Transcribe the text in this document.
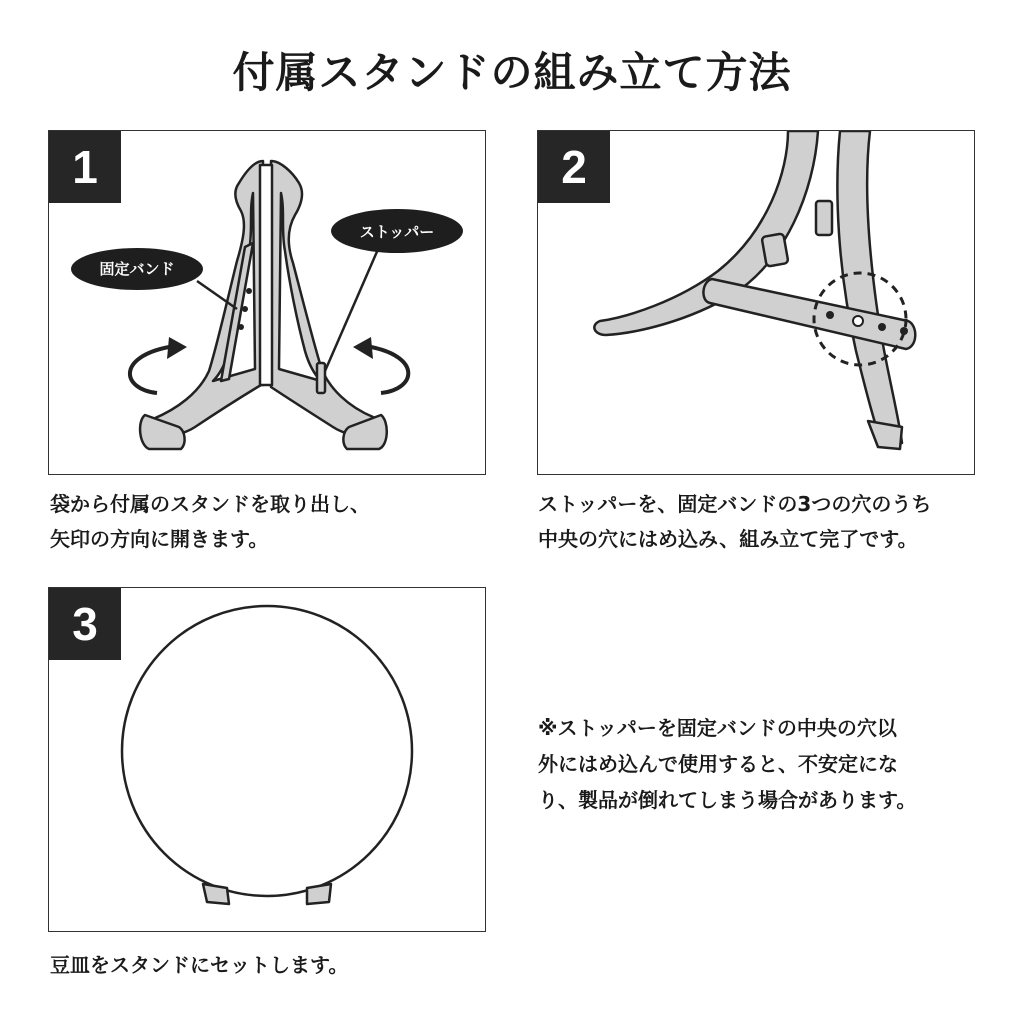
付属スタンドの組み立て方法
固定バンド
ストッパー
1	2
3
袋から付属のスタンドを取り出し、
矢印の方向に開きます。
ストッパーを、固定バンドの3つの穴のうち
中央の穴にはめ込み、組み立て完了です。
豆皿をスタンドにセットします。
※ストッパーを固定バンドの中央の穴以
外にはめ込んで使用すると、不安定にな
り、製品が倒れてしまう場合があります。
